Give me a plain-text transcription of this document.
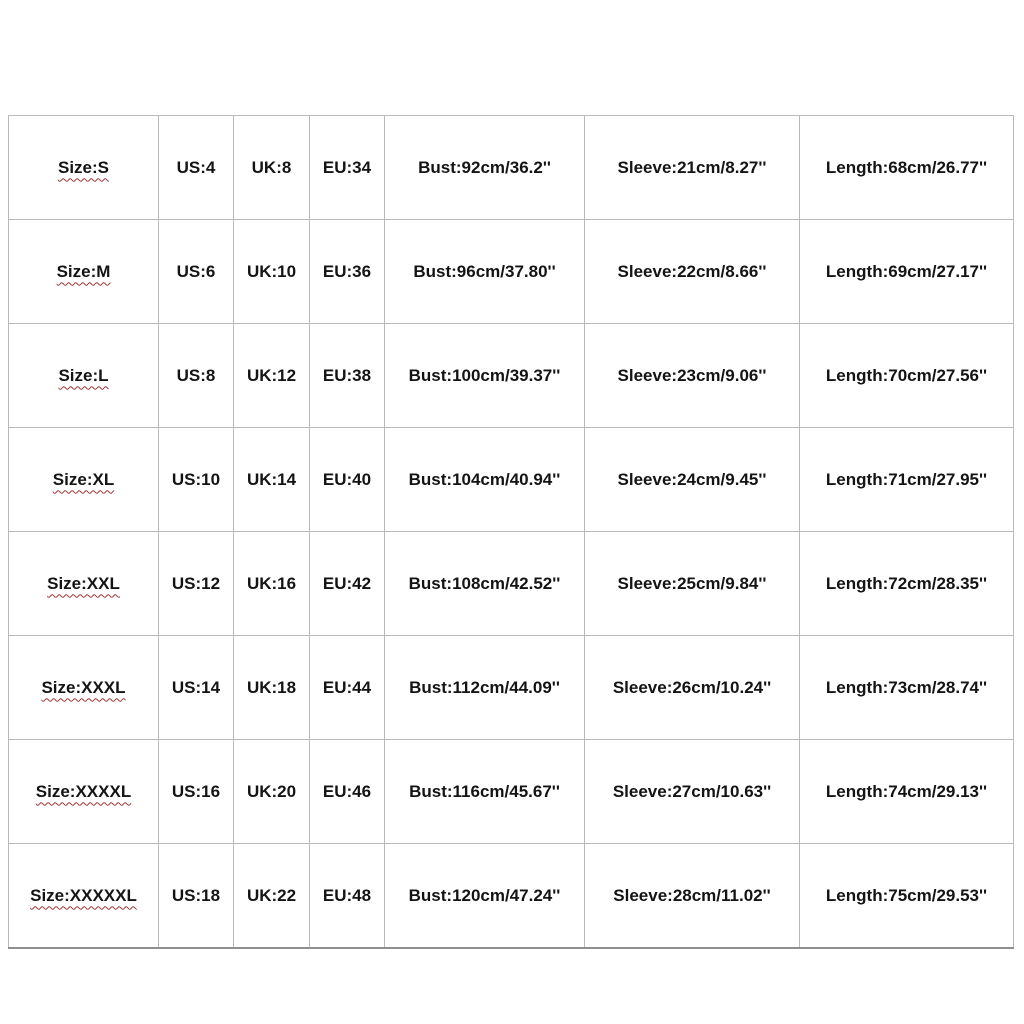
Size:S	US:4	UK:8	EU:34	Bust:92cm/36.2''	Sleeve:21cm/8.27''	Length:68cm/26.77''
Size:M	US:6	UK:10	EU:36	Bust:96cm/37.80''	Sleeve:22cm/8.66''	Length:69cm/27.17''
Size:L	US:8	UK:12	EU:38	Bust:100cm/39.37''	Sleeve:23cm/9.06''	Length:70cm/27.56''
Size:XL	US:10	UK:14	EU:40	Bust:104cm/40.94''	Sleeve:24cm/9.45''	Length:71cm/27.95''
Size:XXL	US:12	UK:16	EU:42	Bust:108cm/42.52''	Sleeve:25cm/9.84''	Length:72cm/28.35''
Size:XXXL	US:14	UK:18	EU:44	Bust:112cm/44.09''	Sleeve:26cm/10.24''	Length:73cm/28.74''
Size:XXXXL	US:16	UK:20	EU:46	Bust:116cm/45.67''	Sleeve:27cm/10.63''	Length:74cm/29.13''
Size:XXXXXL	US:18	UK:22	EU:48	Bust:120cm/47.24''	Sleeve:28cm/11.02''	Length:75cm/29.53''
